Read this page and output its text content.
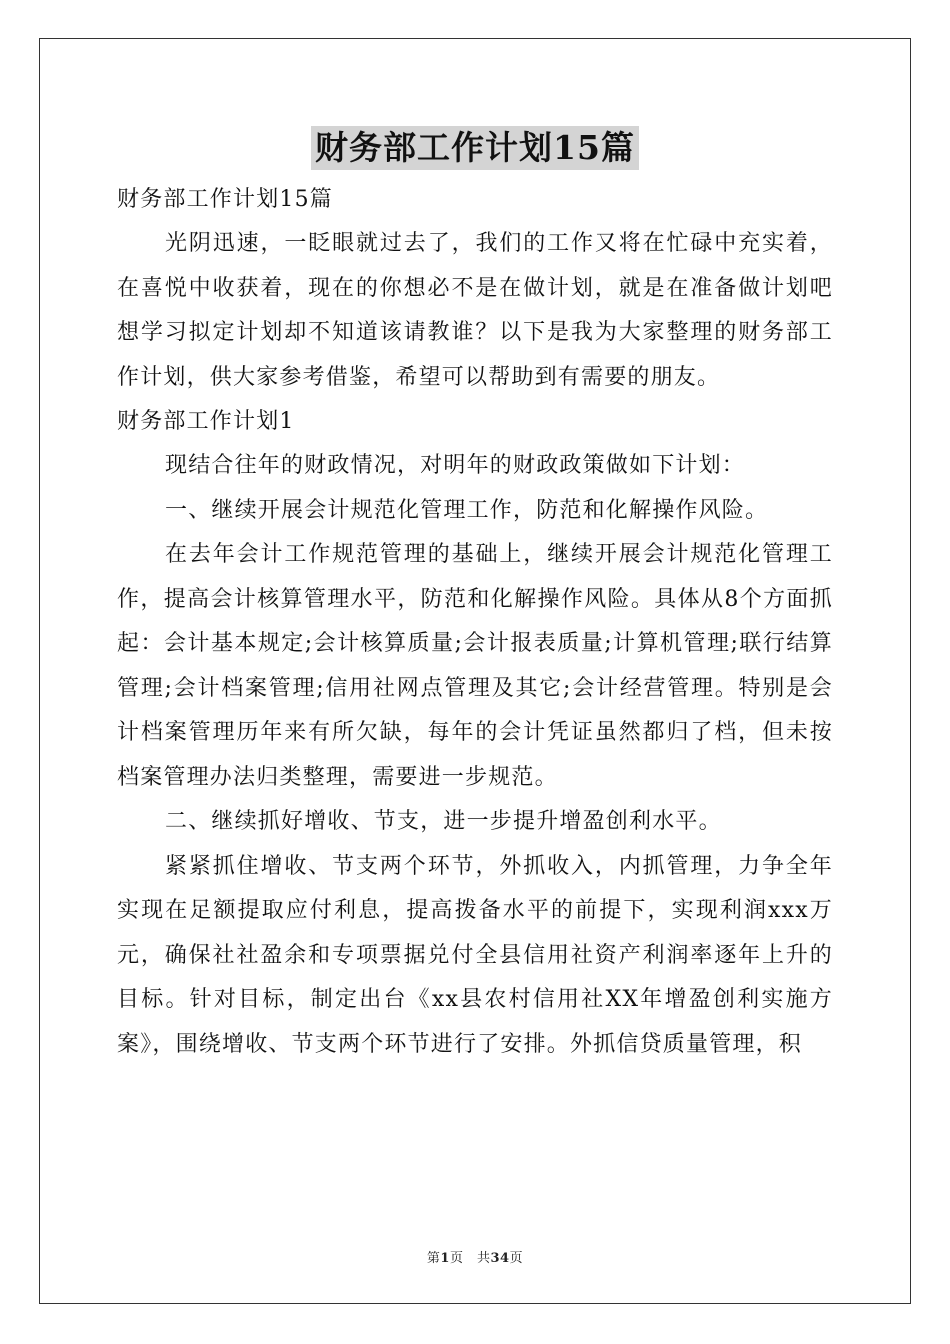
财务部工作计划15篇

财务部工作计划15篇

光阴迅速，一眨眼就过去了，我们的工作又将在忙碌中充实着，在喜悦中收获着，现在的你想必不是在做计划，就是在准备做计划吧想学习拟定计划却不知道该请教谁？以下是我为大家整理的财务部工作计划，供大家参考借鉴，希望可以帮助到有需要的朋友。

财务部工作计划1

现结合往年的财政情况，对明年的财政政策做如下计划：

一、继续开展会计规范化管理工作，防范和化解操作风险。

在去年会计工作规范管理的基础上，继续开展会计规范化管理工作，提高会计核算管理水平，防范和化解操作风险。具体从8个方面抓起：会计基本规定;会计核算质量;会计报表质量;计算机管理;联行结算管理;会计档案管理;信用社网点管理及其它;会计经营管理。特别是会计档案管理历年来有所欠缺，每年的会计凭证虽然都归了档，但未按档案管理办法归类整理，需要进一步规范。

二、继续抓好增收、节支，进一步提升增盈创利水平。

紧紧抓住增收、节支两个环节，外抓收入，内抓管理，力争全年实现在足额提取应付利息，提高拨备水平的前提下，实现利润xxx万元，确保社社盈余和专项票据兑付全县信用社资产利润率逐年上升的目标。针对目标，制定出台《xx县农村信用社XX年增盈创利实施方案》，围绕增收、节支两个环节进行了安排。外抓信贷质量管理，积

第1页　共34页
